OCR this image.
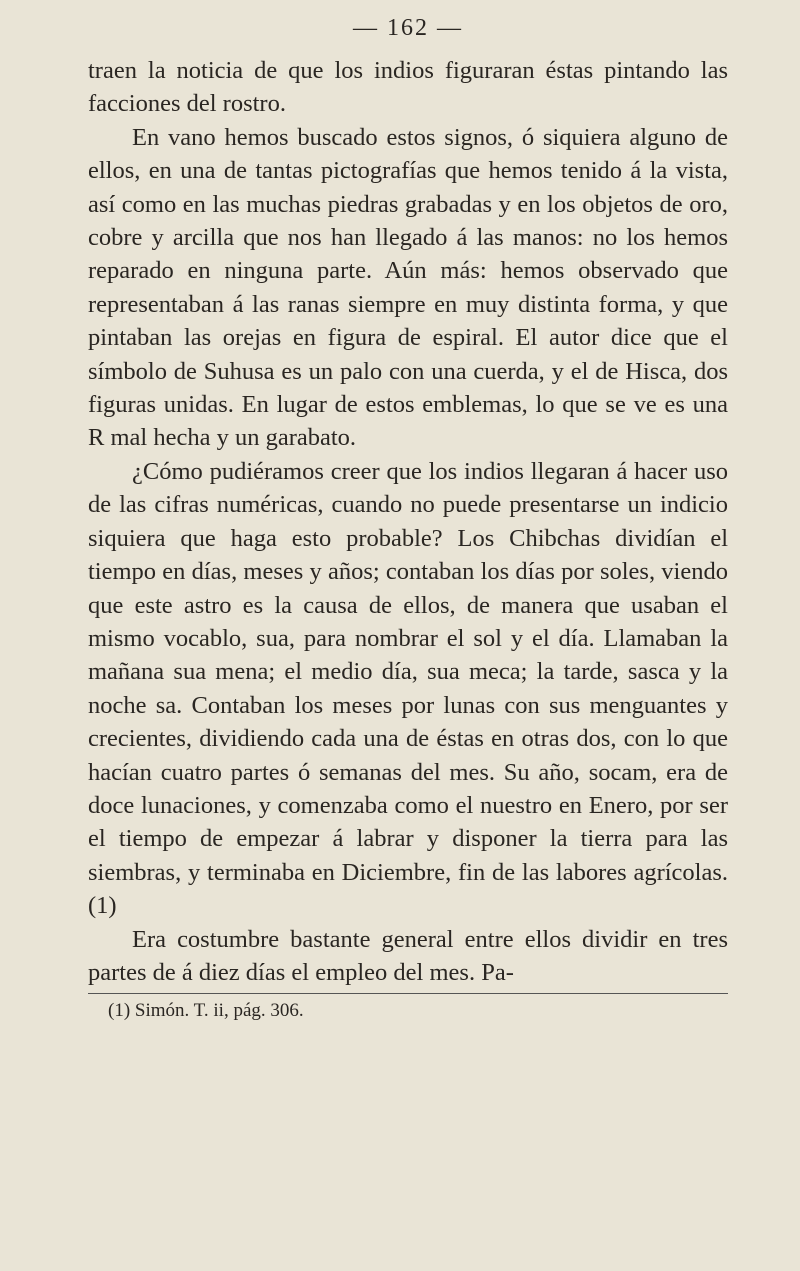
— 162 —

traen la noticia de que los indios figuraran éstas pintando las facciones del rostro.

En vano hemos buscado estos signos, ó siquiera alguno de ellos, en una de tantas pictografías que hemos tenido á la vista, así como en las muchas piedras grabadas y en los objetos de oro, cobre y arcilla que nos han llegado á las manos: no los hemos reparado en ninguna parte. Aún más: hemos observado que representaban á las ranas siempre en muy distinta forma, y que pintaban las orejas en figura de espiral. El autor dice que el símbolo de Suhusa es un palo con una cuerda, y el de Hisca, dos figuras unidas. En lugar de estos emblemas, lo que se ve es una R mal hecha y un garabato.

¿Cómo pudiéramos creer que los indios llegaran á hacer uso de las cifras numéricas, cuando no puede presentarse un indicio siquiera que haga esto probable? Los Chibchas dividían el tiempo en días, meses y años; contaban los días por soles, viendo que este astro es la causa de ellos, de manera que usaban el mismo vocablo, sua, para nombrar el sol y el día. Llamaban la mañana sua mena; el medio día, sua meca; la tarde, sasca y la noche sa. Contaban los meses por lunas con sus menguantes y crecientes, dividiendo cada una de éstas en otras dos, con lo que hacían cuatro partes ó semanas del mes. Su año, socam, era de doce lunaciones, y comenzaba como el nuestro en Enero, por ser el tiempo de empezar á labrar y disponer la tierra para las siembras, y terminaba en Diciembre, fin de las labores agrícolas. (1)

Era costumbre bastante general entre ellos dividir en tres partes de á diez días el empleo del mes. Pa-

(1) Simón. T. ii, pág. 306.
